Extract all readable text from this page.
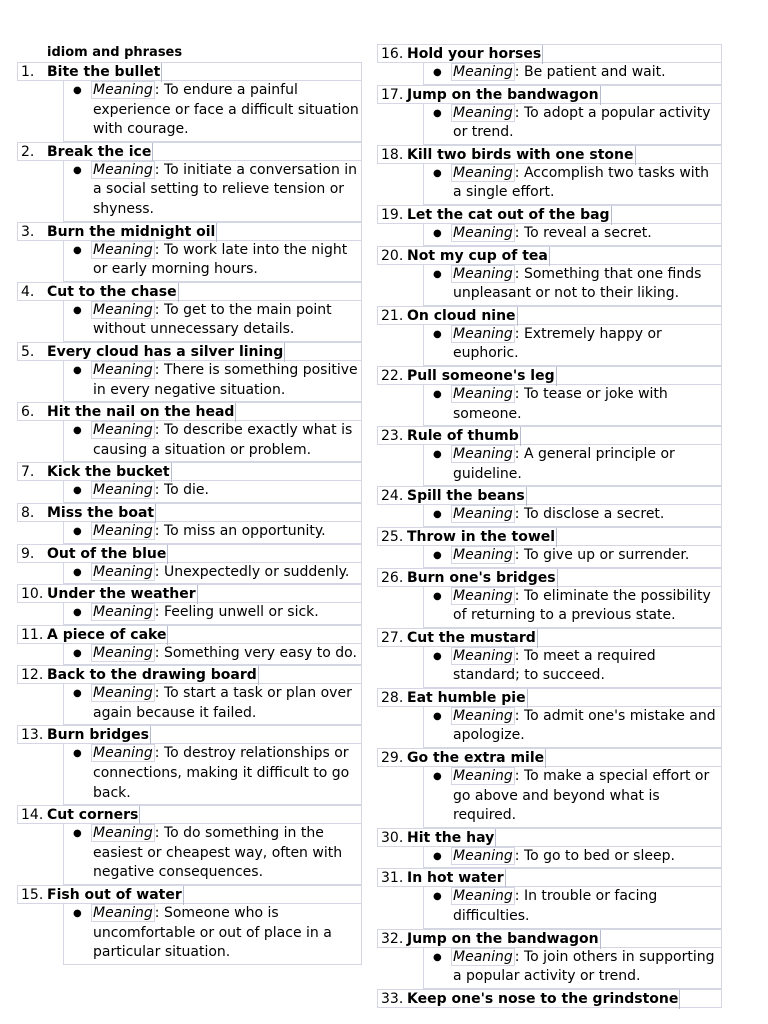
idiom and phrases
1. Bite the bullet
● Meaning : To endure a painful experience or face a difficult situation with courage.
2. Break the ice
● Meaning : To initiate a conversation in a social setting to relieve tension or shyness.
3. Burn the midnight oil
● Meaning : To work late into the night or early morning hours.
4. Cut to the chase
● Meaning : To get to the main point without unnecessary details.
5. Every cloud has a silver lining
● Meaning : There is something positive in every negative situation.
6. Hit the nail on the head
● Meaning : To describe exactly what is causing a situation or problem.
7. Kick the bucket
● Meaning : To die.
8. Miss the boat
● Meaning : To miss an opportunity.
9. Out of the blue
● Meaning : Unexpectedly or suddenly.
10. Under the weather
● Meaning : Feeling unwell or sick.
11. A piece of cake
● Meaning : Something very easy to do.
12. Back to the drawing board
● Meaning : To start a task or plan over again because it failed.
13. Burn bridges
● Meaning : To destroy relationships or connections, making it difficult to go back.
14. Cut corners
● Meaning : To do something in the easiest or cheapest way, often with negative consequences.
15. Fish out of water
● Meaning : Someone who is uncomfortable or out of place in a particular situation.
16. Hold your horses
● Meaning : Be patient and wait.
17. Jump on the bandwagon
● Meaning : To adopt a popular activity or trend.
18. Kill two birds with one stone
● Meaning : Accomplish two tasks with a single effort.
19. Let the cat out of the bag
● Meaning : To reveal a secret.
20. Not my cup of tea
● Meaning : Something that one finds unpleasant or not to their liking.
21. On cloud nine
● Meaning : Extremely happy or euphoric.
22. Pull someone's leg
● Meaning : To tease or joke with someone.
23. Rule of thumb
● Meaning : A general principle or guideline.
24. Spill the beans
● Meaning : To disclose a secret.
25. Throw in the towel
● Meaning : To give up or surrender.
26. Burn one's bridges
● Meaning : To eliminate the possibility of returning to a previous state.
27. Cut the mustard
● Meaning : To meet a required standard; to succeed.
28. Eat humble pie
● Meaning : To admit one's mistake and apologize.
29. Go the extra mile
● Meaning : To make a special effort or go above and beyond what is required.
30. Hit the hay
● Meaning : To go to bed or sleep.
31. In hot water
● Meaning : In trouble or facing difficulties.
32. Jump on the bandwagon
● Meaning : To join others in supporting a popular activity or trend.
33. Keep one's nose to the grindstone
